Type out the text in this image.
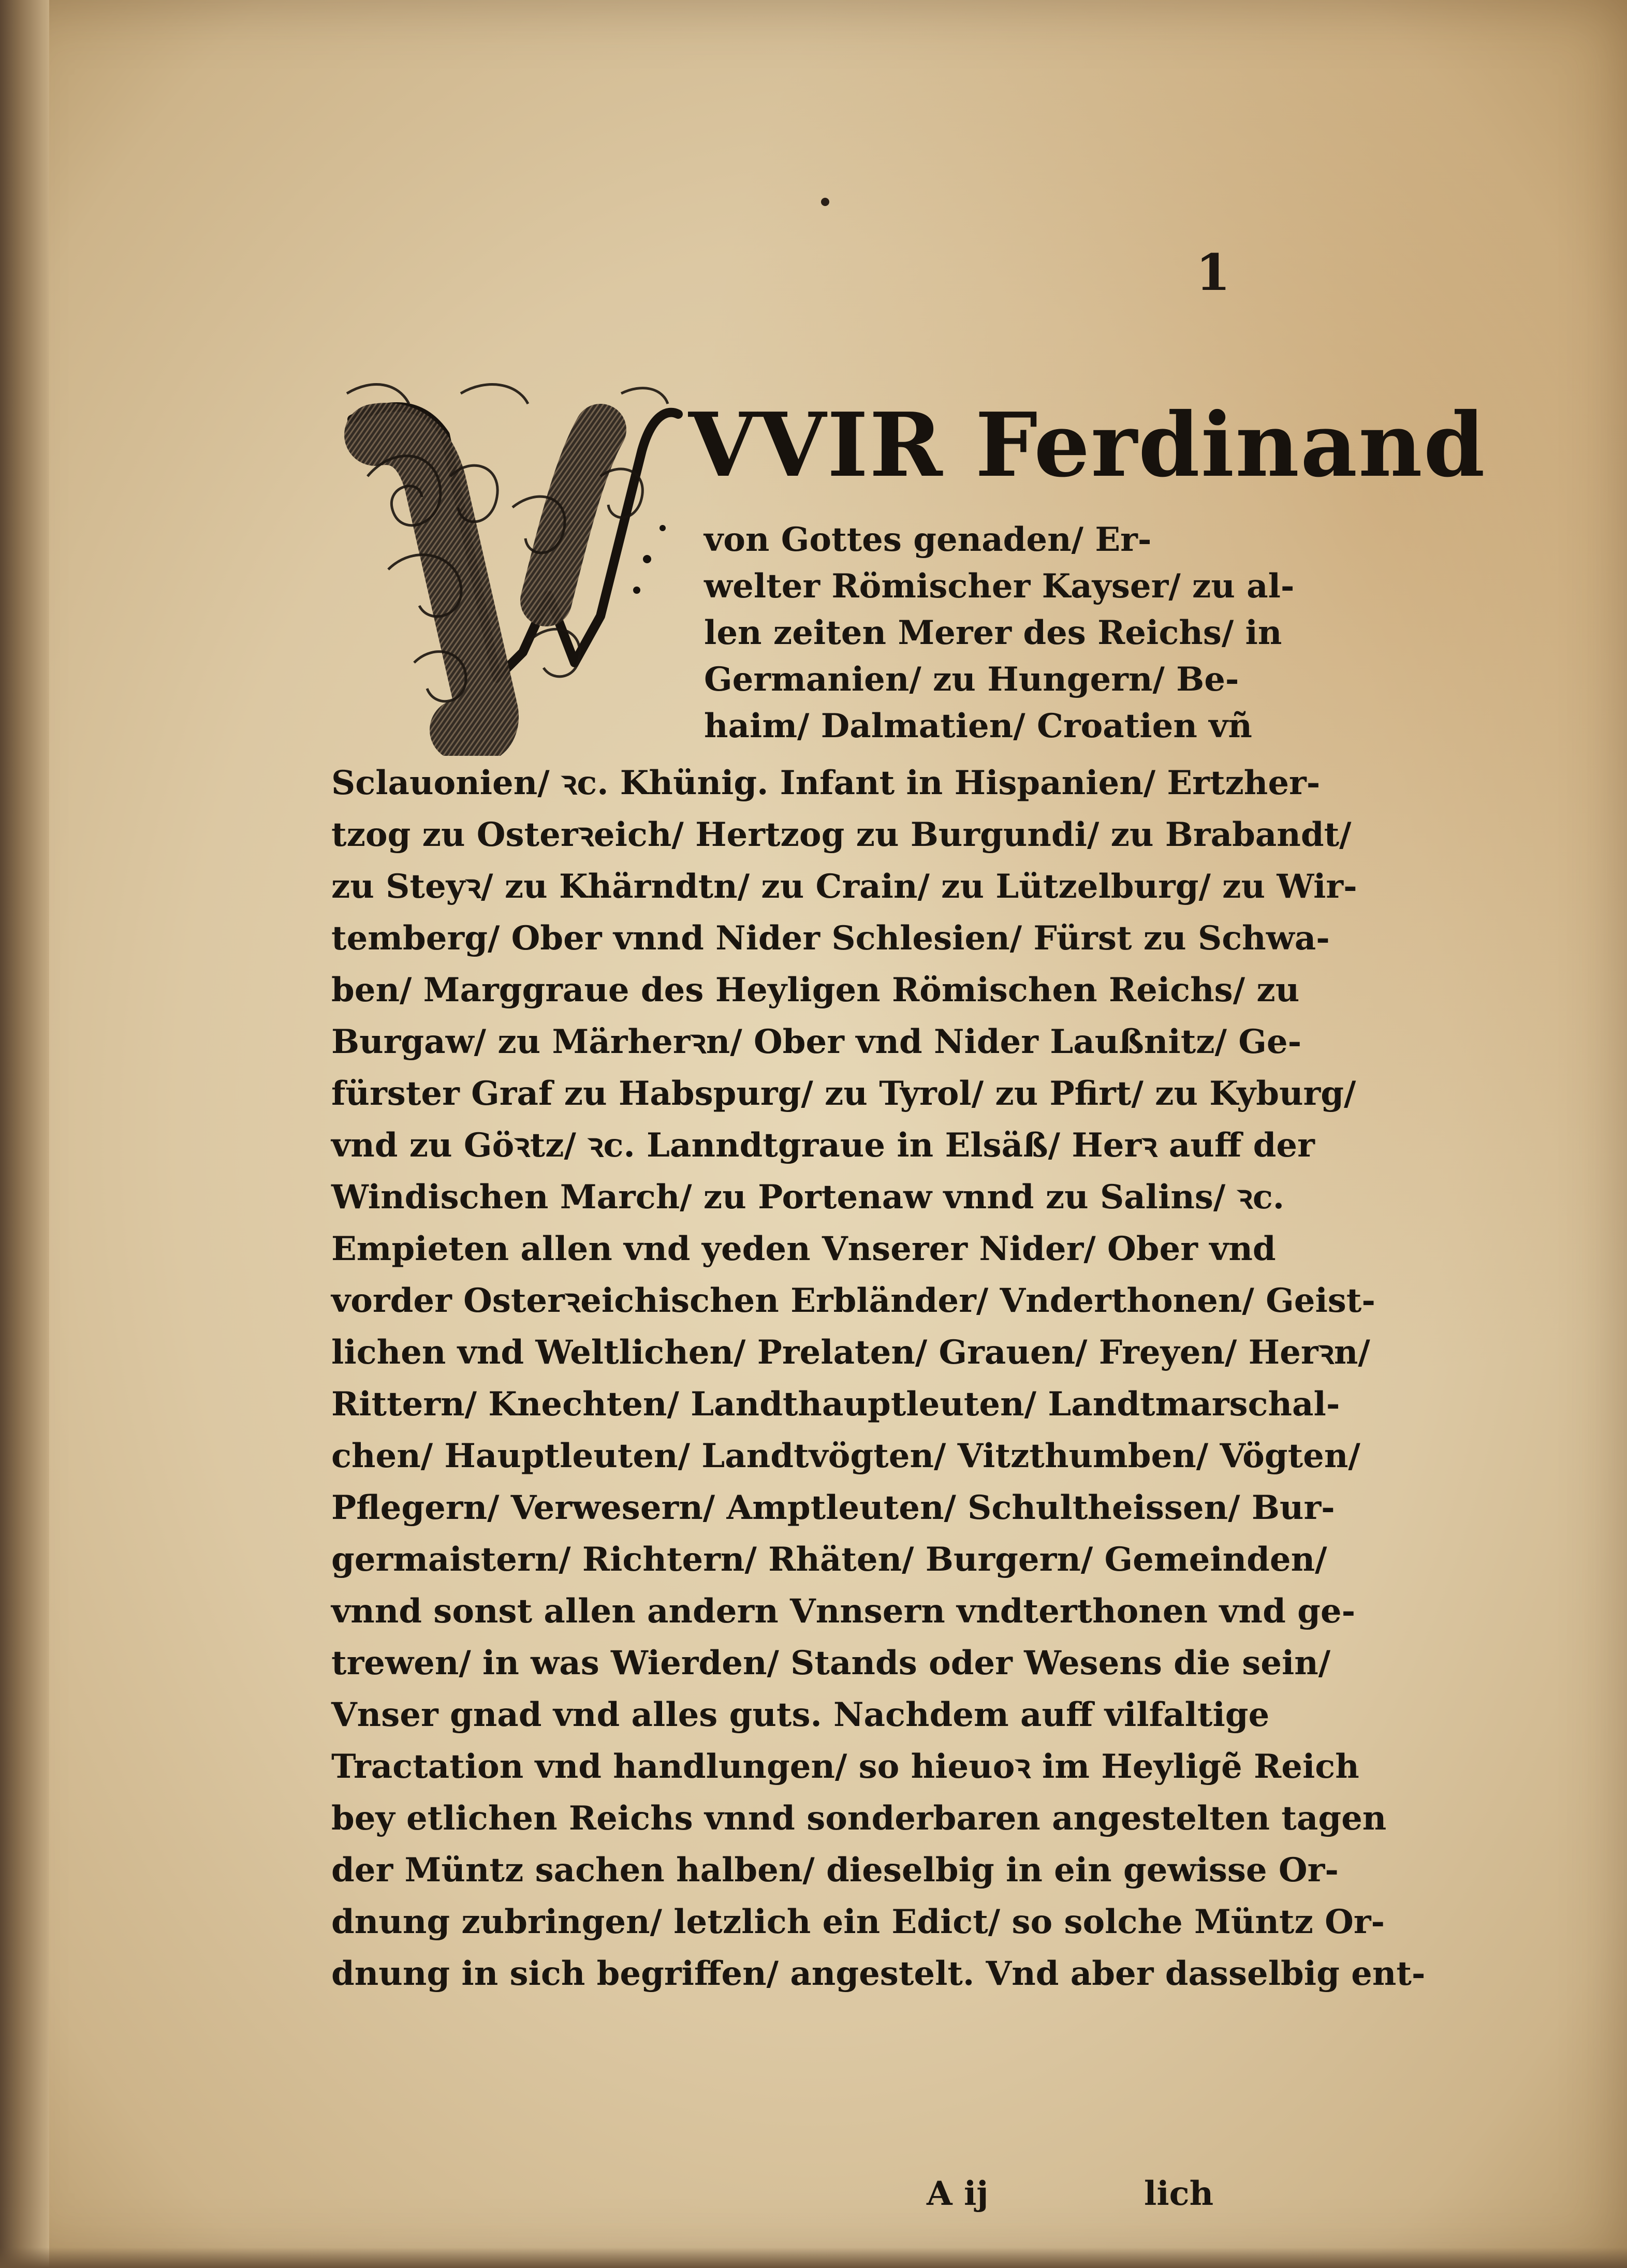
1
VVIR Ferdinand
von Gottes genaden/ Er-
welter Römischer Kayser/ zu al-
len zeiten Merer des Reichs/ in
Germanien/ zu Hungern/ Be-
haim/ Dalmatien/ Croatien vñ
Sclauonien/ ꝛc. Khünig. Infant in Hispanien/ Ertzher-
tzog zu Osterꝛeich/ Hertzog zu Burgundi/ zu Brabandt/
zu Steyꝛ/ zu Khärndtn/ zu Crain/ zu Lützelburg/ zu Wir-
temberg/ Ober vnnd Nider Schlesien/ Fürst zu Schwa-
ben/ Marggraue des Heyligen Römischen Reichs/ zu
Burgaw/ zu Märherꝛn/ Ober vnd Nider Laußnitz/ Ge-
fürster Graf zu Habspurg/ zu Tyrol/ zu Pfirt/ zu Kyburg/
vnd zu Göꝛtz/ ꝛc. Lanndtgraue in Elsäß/ Herꝛ auff der
Windischen March/ zu Portenaw vnnd zu Salins/ ꝛc.
Empieten allen vnd yeden Vnserer Nider/ Ober vnd
vorder Osterꝛeichischen Erbländer/ Vnderthonen/ Geist-
lichen vnd Weltlichen/ Prelaten/ Grauen/ Freyen/ Herꝛn/
Rittern/ Knechten/ Landthauptleuten/ Landtmarschal-
chen/ Hauptleuten/ Landtvögten/ Vitzthumben/ Vögten/
Pflegern/ Verwesern/ Amptleuten/ Schultheissen/ Bur-
germaistern/ Richtern/ Rhäten/ Burgern/ Gemeinden/
vnnd sonst allen andern Vnnsern vndterthonen vnd ge-
trewen/ in was Wierden/ Stands oder Wesens die sein/
Vnser gnad vnd alles guts. Nachdem auff vilfaltige
Tractation vnd handlungen/ so hieuoꝛ im Heyligẽ Reich
bey etlichen Reichs vnnd sonderbaren angestelten tagen
der Müntz sachen halben/ dieselbig in ein gewisse Or-
dnung zubringen/ letzlich ein Edict/ so solche Müntz Or-
dnung in sich begriffen/ angestelt. Vnd aber dasselbig ent-
A ij	lich
